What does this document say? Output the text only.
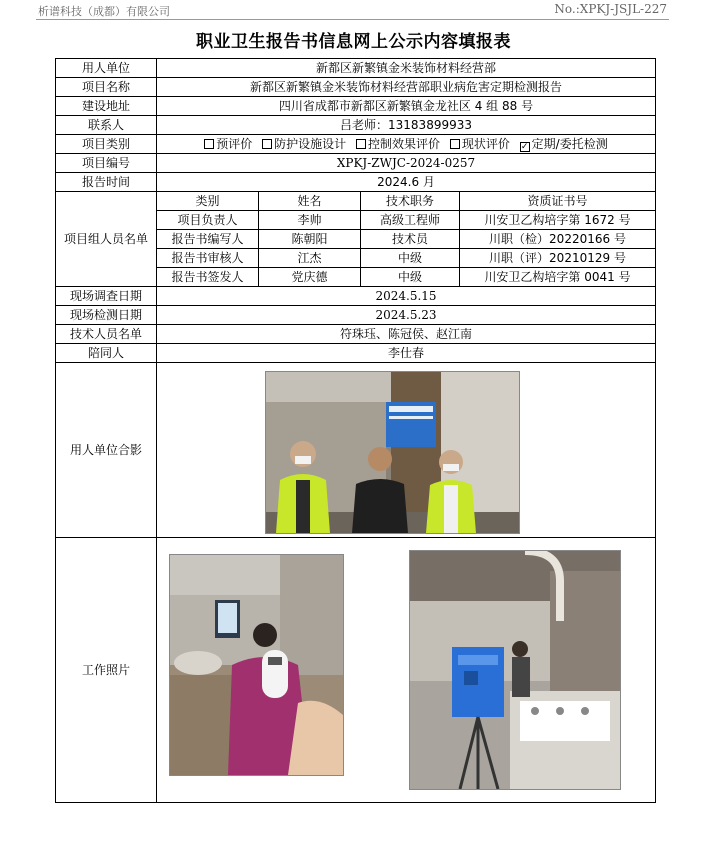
析谱科技（成都）有限公司	No.:XPKJ-JSJL-227
职业卫生报告书信息网上公示内容填报表
用人单位	新都区新繁镇金米装饰材料经营部			
项目名称	新都区新繁镇金米装饰材料经营部职业病危害定期检测报告			
建设地址	四川省成都市新都区新繁镇金龙社区 4 组 88 号			
联系人	吕老师：13183899933			
项目类别	预评价 防护设施设计 控制效果评价 现状评价 ✓ 定期/委托检测			
项目编号	XPKJ-ZWJC-2024-0257			
报告时间	2024.6 月			
项目组人员名单	类别	姓名	技术职务	资质证书号
	项目负责人	李帅	高级工程师	川安卫乙构培字第 1672 号
	报告书编写人	陈朝阳	技术员	川职（检）20220166 号
	报告书审核人	江杰	中级	川职（评）20210129 号
	报告书签发人	党庆德	中级	川安卫乙构培字第 0041 号
现场调查日期	2024.5.15			
现场检测日期	2024.5.23			
技术人员名单	符珠珏、陈冠侯、赵江南			
陪同人	李仕春			
用人单位合影	

工作照片	
